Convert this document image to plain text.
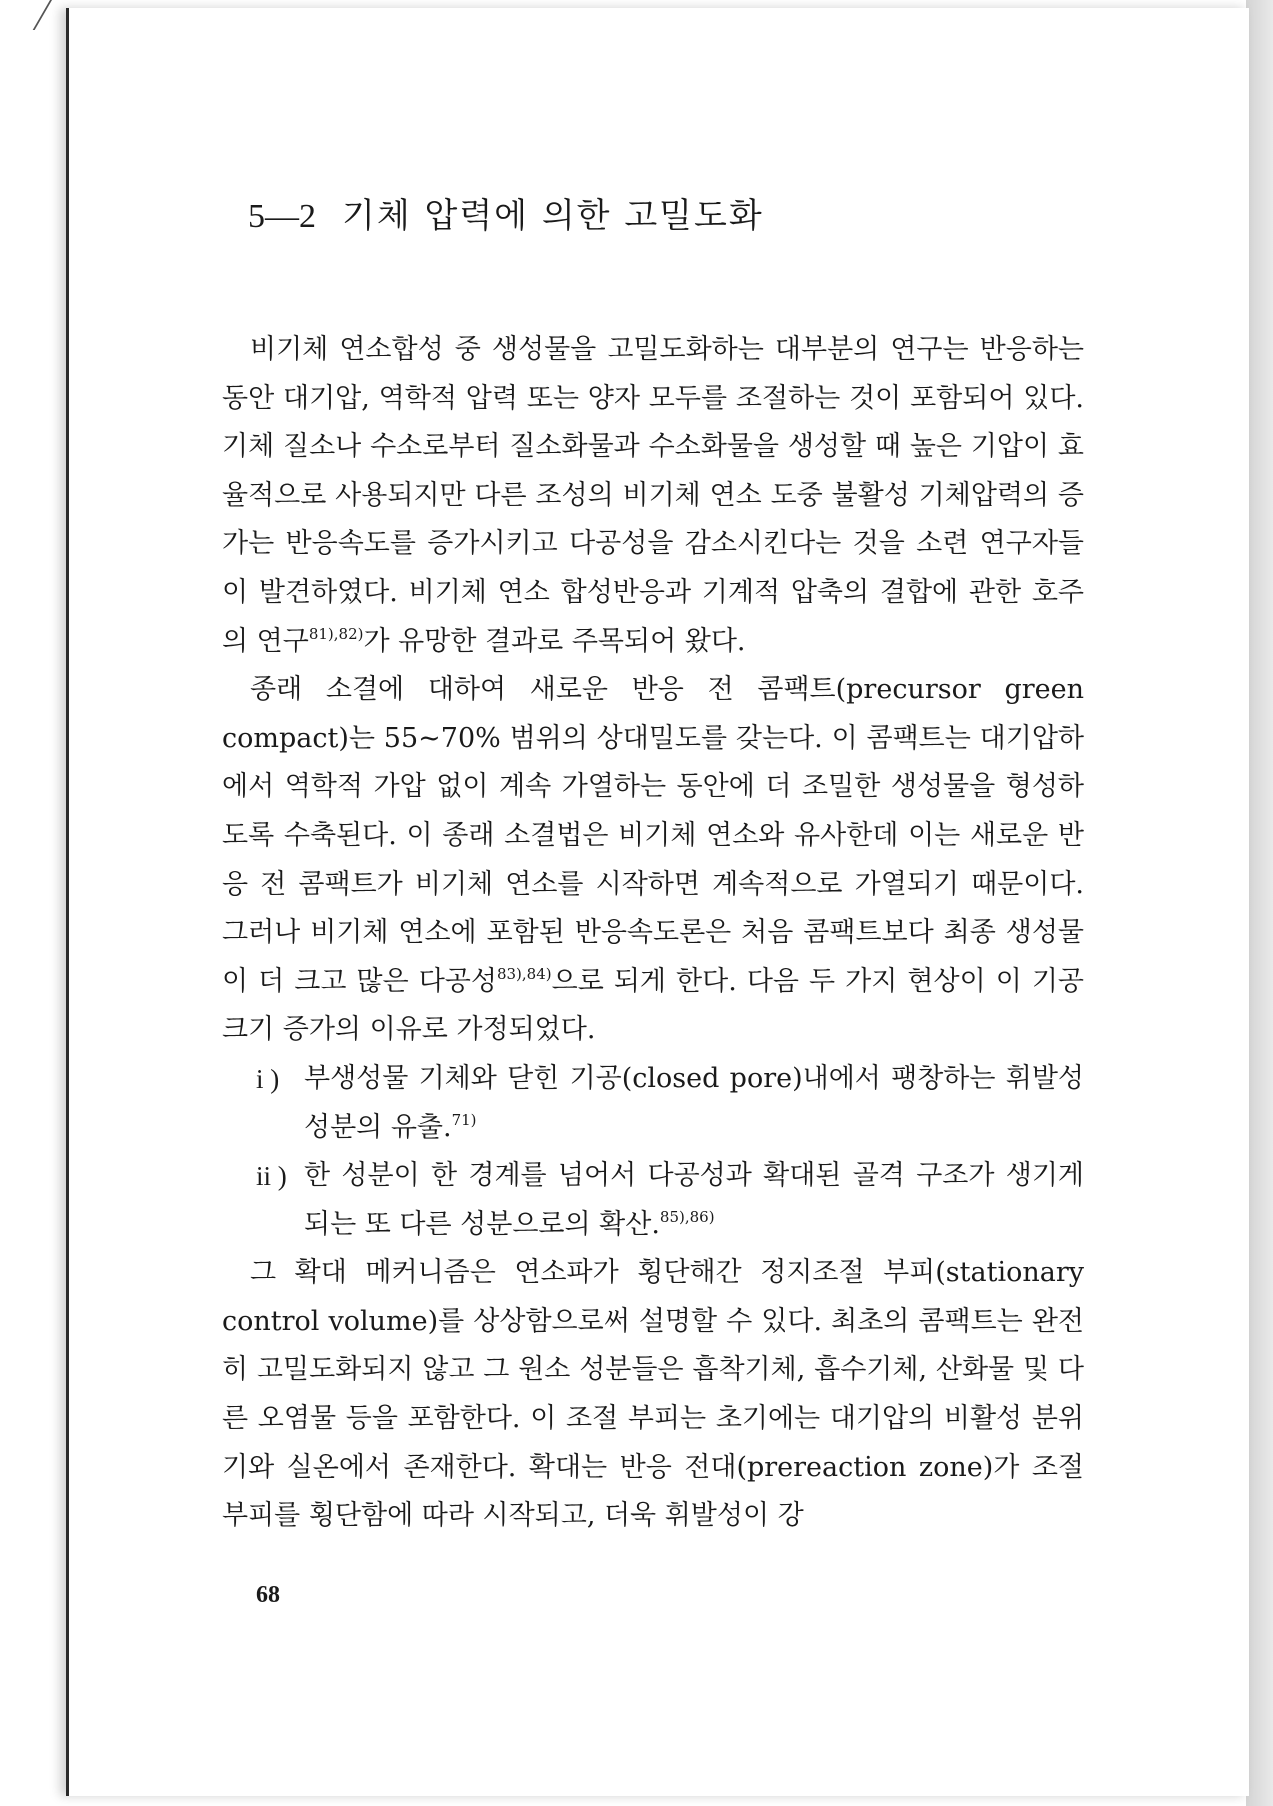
5—2 기체 압력에 의한 고밀도화

비기체 연소합성 중 생성물을 고밀도화하는 대부분의 연구는 반응하는 동안 대기압, 역학적 압력 또는 양자 모두를 조절하는 것이 포함되어 있다. 기체 질소나 수소로부터 질소화물과 수소화물을 생성할 때 높은 기압이 효율적으로 사용되지만 다른 조성의 비기체 연소 도중 불활성 기체압력의 증가는 반응속도를 증가시키고 다공성을 감소시킨다는 것을 소련 연구자들이 발견하였다. 비기체 연소 합성반응과 기계적 압축의 결합에 관한 호주의 연구$^{81),82)}$가 유망한 결과로 주목되어 왔다.

종래 소결에 대하여 새로운 반응 전 콤팩트(precursor green compact)는 55~70% 범위의 상대밀도를 갖는다. 이 콤팩트는 대기압하에서 역학적 가압 없이 계속 가열하는 동안에 더 조밀한 생성물을 형성하도록 수축된다. 이 종래 소결법은 비기체 연소와 유사한데 이는 새로운 반응 전 콤팩트가 비기체 연소를 시작하면 계속적으로 가열되기 때문이다. 그러나 비기체 연소에 포함된 반응속도론은 처음 콤팩트보다 최종 생성물이 더 크고 많은 다공성$^{83),84)}$으로 되게 한다. 다음 두 가지 현상이 이 기공 크기 증가의 이유로 가정되었다.

i ) 부생성물 기체와 닫힌 기공(closed pore)내에서 팽창하는 휘발성 성분의 유출.$^{71)}$

ii ) 한 성분이 한 경계를 넘어서 다공성과 확대된 골격 구조가 생기게 되는 또 다른 성분으로의 확산.$^{85),86)}$

그 확대 메커니즘은 연소파가 횡단해간 정지조절 부피(stationary control volume)를 상상함으로써 설명할 수 있다. 최초의 콤팩트는 완전히 고밀도화되지 않고 그 원소 성분들은 흡착기체, 흡수기체, 산화물 및 다른 오염물 등을 포함한다. 이 조절 부피는 초기에는 대기압의 비활성 분위기와 실온에서 존재한다. 확대는 반응 전대(prereaction zone)가 조절 부피를 횡단함에 따라 시작되고, 더욱 휘발성이 강

68
